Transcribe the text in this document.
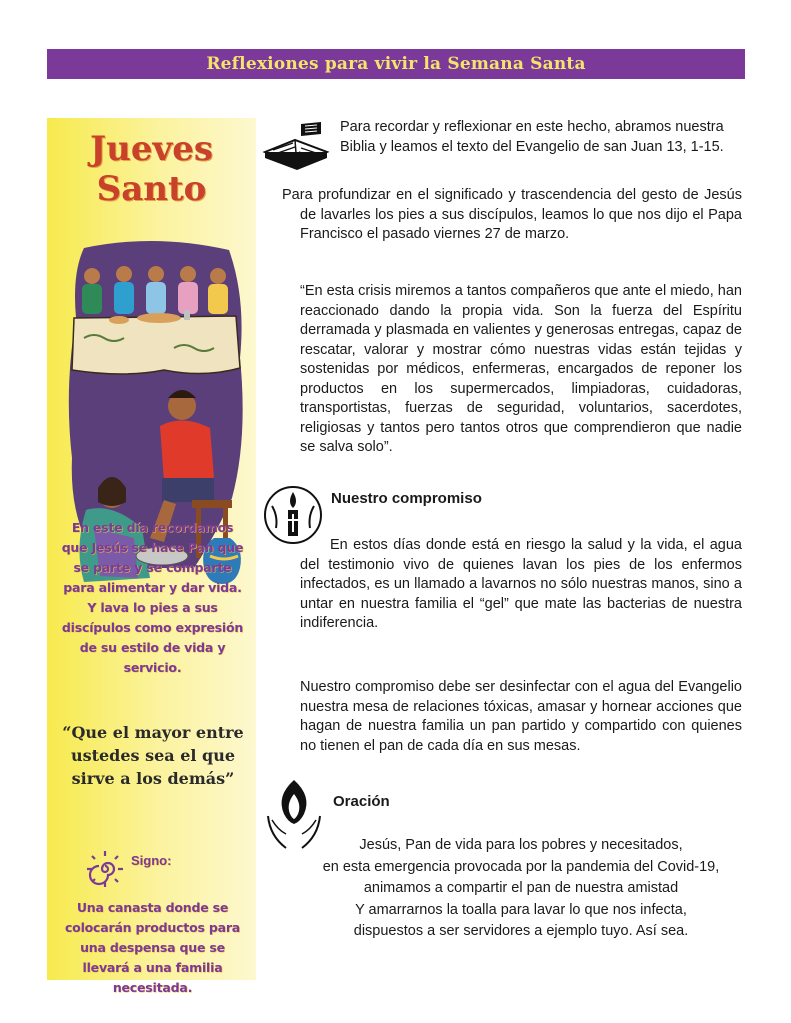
Reflexiones para vivir la Semana Santa
Jueves
Santo
En este día recordamos que Jesús se hace Pan que se parte y se comparte para alimentar y dar vida. Y lava lo pies a sus discípulos como expresión de su estilo de vida y servicio.
“Que el mayor entre ustedes sea el que sirve a los demás”
Signo:
Una canasta donde se colocarán productos para una despensa que se llevará a una familia necesitada.
Para recordar y reflexionar en este hecho, abramos nuestra Biblia y leamos el texto del Evangelio de san Juan 13, 1-15.
Para profundizar en el significado y trascendencia del gesto de Jesús de lavarles los pies a sus discípulos, leamos lo que nos dijo el Papa Francisco el pasado viernes 27 de marzo.
“En esta crisis miremos a tantos compañeros que ante el miedo, han reaccionado dando la propia vida. Son la fuerza del Espíritu derramada y plasmada en valientes y generosas entregas, capaz de rescatar, valorar y mostrar cómo nuestras vidas están tejidas y sostenidas por médicos, enfermeras, encargados de reponer los productos en los supermercados, limpiadoras, cuidadoras, transportistas, fuerzas de seguridad, voluntarios, sacerdotes, religiosas y tantos pero tantos otros que comprendieron que nadie se salva solo”.
Nuestro compromiso
En estos días donde está en riesgo la salud y la vida, el agua del testimonio vivo de quienes lavan los pies de los enfermos infectados, es un llamado a lavarnos no sólo nuestras manos, sino a untar en nuestra familia el “gel” que mate las bacterias de nuestra indiferencia.
Nuestro compromiso debe ser desinfectar con el agua del Evangelio nuestra mesa de relaciones tóxicas, amasar y hornear acciones que hagan de nuestra familia un pan partido y compartido con quienes no tienen el pan de cada día en sus mesas.
Oración
Jesús, Pan de vida para los pobres y necesitados,
en esta emergencia provocada por la pandemia del Covid-19,
animamos a compartir el pan de nuestra amistad
Y amarrarnos la toalla para lavar lo que nos infecta,
dispuestos a ser servidores a ejemplo tuyo. Así sea.
